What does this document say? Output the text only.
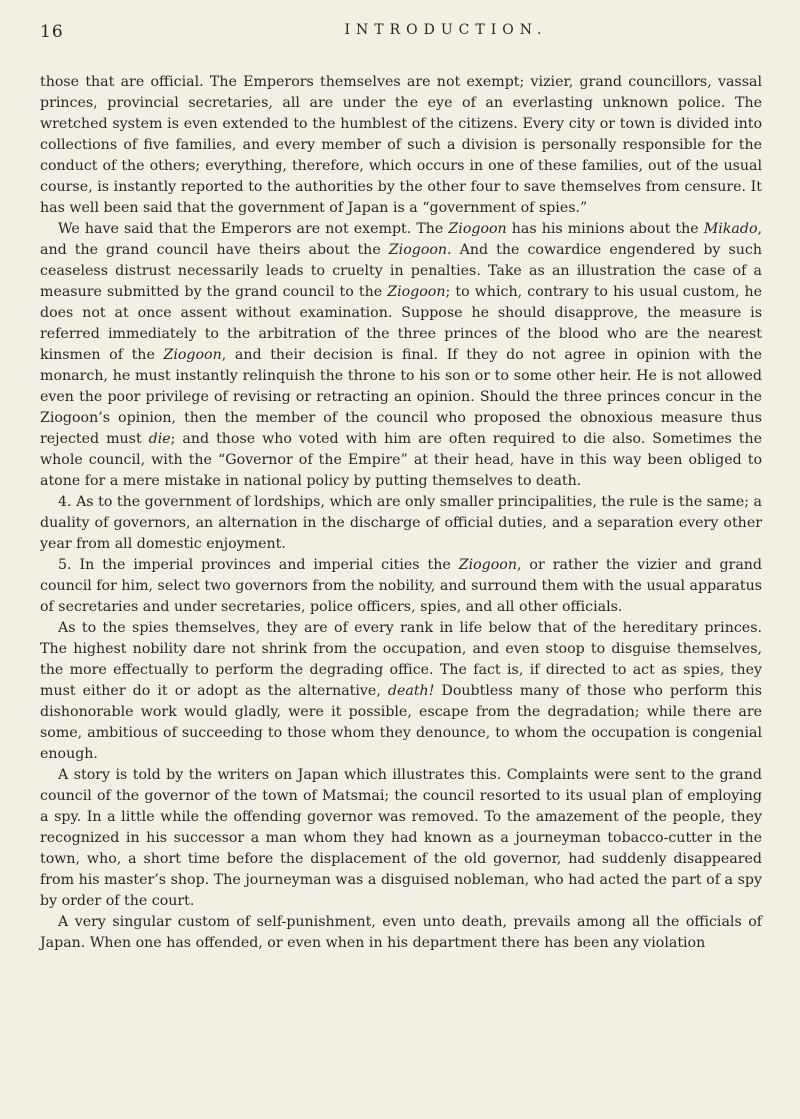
16	INTRODUCTION.

those that are official. The Emperors themselves are not exempt; vizier, grand councillors, vassal princes, provincial secretaries, all are under the eye of an everlasting unknown police. The wretched system is even extended to the humblest of the citizens. Every city or town is divided into collections of five families, and every member of such a division is personally responsible for the conduct of the others; everything, therefore, which occurs in one of these families, out of the usual course, is instantly reported to the authorities by the other four to save themselves from censure. It has well been said that the government of Japan is a “government of spies.”

We have said that the Emperors are not exempt. The Ziogoon has his minions about the Mikado, and the grand council have theirs about the Ziogoon. And the cowardice engendered by such ceaseless distrust necessarily leads to cruelty in penalties. Take as an illustration the case of a measure submitted by the grand council to the Ziogoon; to which, contrary to his usual custom, he does not at once assent without examination. Suppose he should disapprove, the measure is referred immediately to the arbitration of the three princes of the blood who are the nearest kinsmen of the Ziogoon, and their decision is final. If they do not agree in opinion with the monarch, he must instantly relinquish the throne to his son or to some other heir. He is not allowed even the poor privilege of revising or retracting an opinion. Should the three princes concur in the Ziogoon’s opinion, then the member of the council who proposed the obnoxious measure thus rejected must die; and those who voted with him are often required to die also. Sometimes the whole council, with the “Governor of the Empire” at their head, have in this way been obliged to atone for a mere mistake in national policy by putting themselves to death.

4. As to the government of lordships, which are only smaller principalities, the rule is the same; a duality of governors, an alternation in the discharge of official duties, and a separation every other year from all domestic enjoyment.

5. In the imperial provinces and imperial cities the Ziogoon, or rather the vizier and grand council for him, select two governors from the nobility, and surround them with the usual apparatus of secretaries and under secretaries, police officers, spies, and all other officials.

As to the spies themselves, they are of every rank in life below that of the hereditary princes. The highest nobility dare not shrink from the occupation, and even stoop to disguise themselves, the more effectually to perform the degrading office. The fact is, if directed to act as spies, they must either do it or adopt as the alternative, death! Doubtless many of those who perform this dishonorable work would gladly, were it possible, escape from the degradation; while there are some, ambitious of succeeding to those whom they denounce, to whom the occupation is congenial enough.

A story is told by the writers on Japan which illustrates this. Complaints were sent to the grand council of the governor of the town of Matsmai; the council resorted to its usual plan of employing a spy. In a little while the offending governor was removed. To the amazement of the people, they recognized in his successor a man whom they had known as a journeyman tobacco-cutter in the town, who, a short time before the displacement of the old governor, had suddenly disappeared from his master’s shop. The journeyman was a disguised nobleman, who had acted the part of a spy by order of the court.

A very singular custom of self-punishment, even unto death, prevails among all the officials of Japan. When one has offended, or even when in his department there has been any violation
